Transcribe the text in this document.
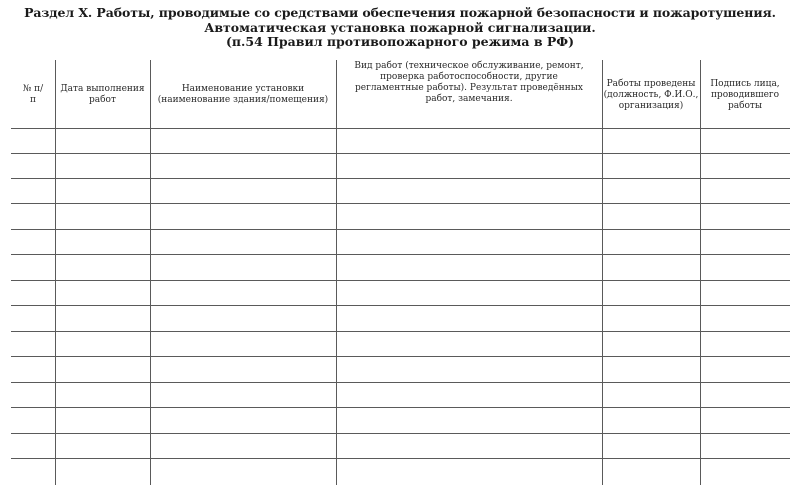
Раздел X. Работы, проводимые со средствами обеспечения пожарной безопасности и пожаротушения.
Автоматическая установка пожарной сигнализации.
(п.54 Правил противопожарного режима в РФ)
№ п/п
Дата выполнения работ
Наименование установки (наименование здания/помещения)
Вид работ (техническое обслуживание, ремонт, проверка работоспособности, другие регламентные работы). Результат проведённых работ, замечания.
Работы проведены (должность, Ф.И.О., организация)
Подпись лица, проводившего работы
